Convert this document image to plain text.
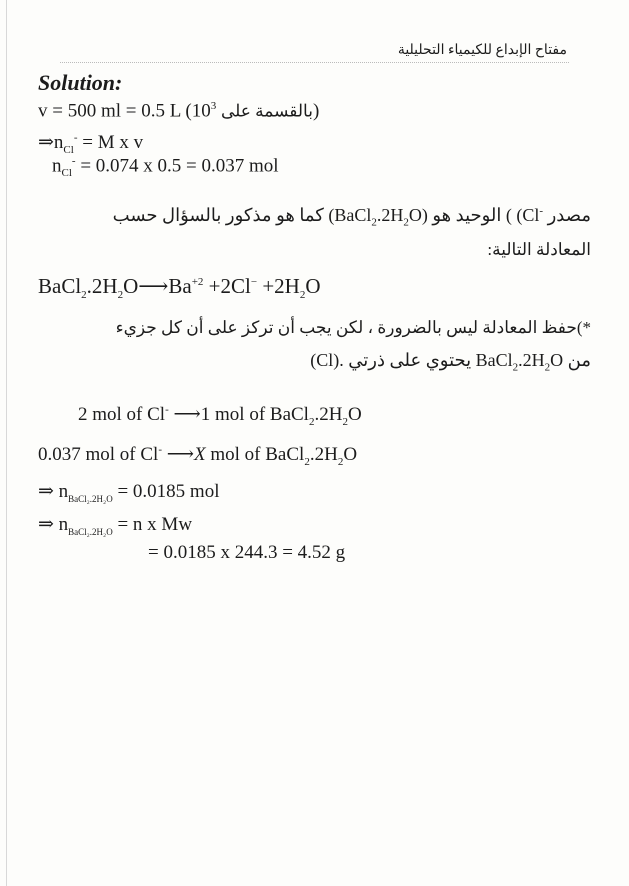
مفتاح الإبداع للكيمياء التحليلية
Solution:
v = 500 ml = 0.5 L ($10^3$ بالقسمة على)
$\Rightarrow n_{Cl}^- = M$ x v
$n_{Cl}^- = 0.074$ x 0.5 = 0.037 mol
مصدر (Cl- ) الوحيد هو $(BaCl_2.2H_2O)$ كما هو مذكور بالسؤال حسب
المعادلة التالية:
$BaCl_2.2H_2O⟶Ba^{+2} +2Cl^- +2H_2O$
*)حفظ المعادلة ليس بالضرورة ، لكن يجب أن تركز على أن كل جزيء
من $BaCl_2.2H_2O$ يحتوي على ذرتي (Cl).
2 mol of Cl- ⟶1 mol of $BaCl_2.2H_2O$
0.037 mol of Cl- ⟶X mol of $BaCl_2.2H_2O$
⇒ $n_{BaCl_2.2H_2O} = 0.0185$ mol
⇒ $n_{BaCl_2.2H_2O} = n$ x Mw
= 0.0185 x 244.3 = 4.52 g
